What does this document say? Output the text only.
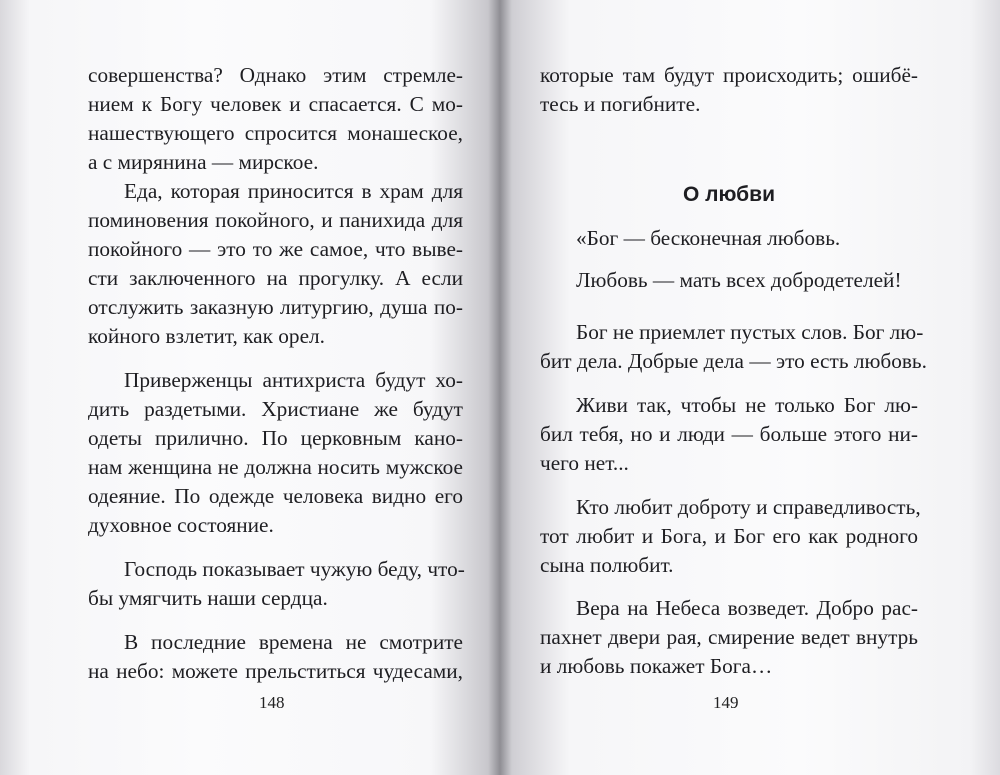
совершенства? Однако этим стремле-
нием к Богу человек и спасается. С мо-
нашествующего спросится монашеское,
а с мирянина — мирское.
Еда, которая приносится в храм для
поминовения покойного, и панихида для
покойного — это то же самое, что выве-
сти заключенного на прогулку. А если
отслужить заказную литургию, душа по-
койного взлетит, как орел.
Приверженцы антихриста будут хо-
дить раздетыми. Христиане же будут
одеты прилично. По церковным кано-
нам женщина не должна носить мужское
одеяние. По одежде человека видно его
духовное состояние.
Господь показывает чужую беду, что-
бы умягчить наши сердца.
В последние времена не смотрите
на небо: можете прельститься чудесами,
148
которые там будут происходить; ошибё-
тесь и погибните.
О любви
«Бог — бесконечная любовь.
Любовь — мать всех добродетелей!
Бог не приемлет пустых слов. Бог лю-
бит дела. Добрые дела — это есть любовь.
Живи так, чтобы не только Бог лю-
бил тебя, но и люди — больше этого ни-
чего нет...
Кто любит доброту и справедливость,
тот любит и Бога, и Бог его как родного
сына полюбит.
Вера на Небеса возведет. Добро рас-
пахнет двери рая, смирение ведет внутрь
и любовь покажет Бога…
149
